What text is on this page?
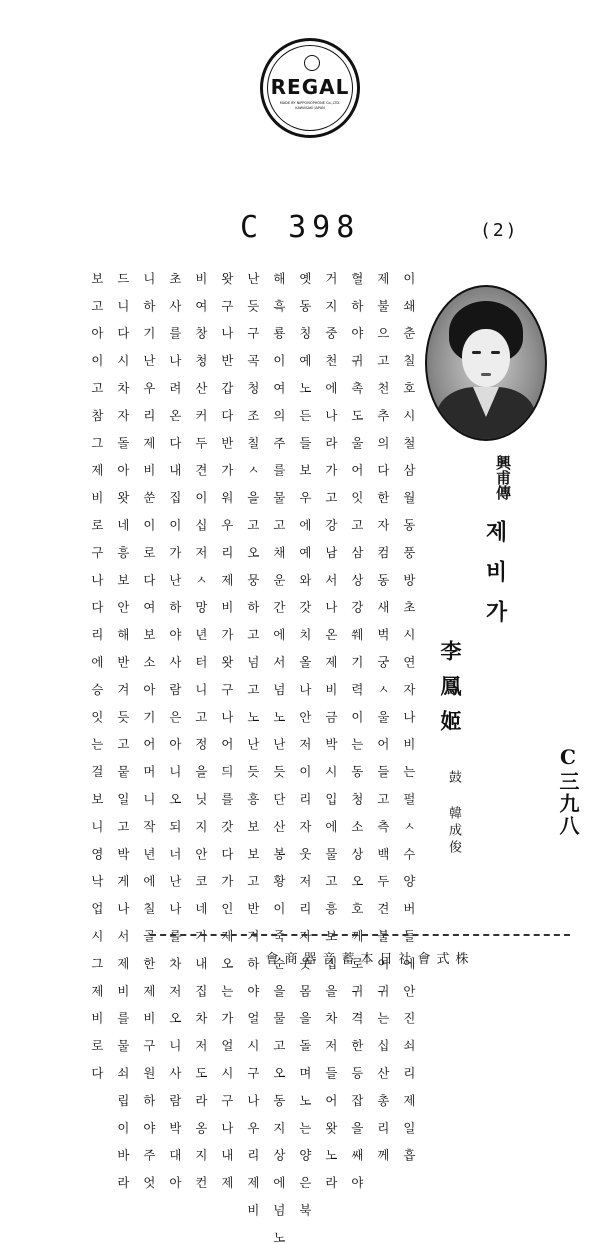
REGAL
MADE BY NIPPONOPHONE Co.,LTD.
KAWASAKI JAPAN
C 398	(2)
興甫傳
제비가
李鳳姬
鼓 韓成俊	C三九八
이 쇄 춘 칠 호 시 철 삼 월 동 풍 방 초 시 연 자 나 비 는 펄 ㅅ 수 양 버 들 에 안 진 쇠 리 제 일 흡
제 불 으 고 천 추 의 다 한 자 컴 동 새 벅 궁 ㅅ 울 어 들 고 측 백 두 견 불 여 귀 는 십 산 총 리 께
혈 하 야 귀 촉 도 울 어 잇 고 삼 상 강 쒜 기 력 이 는 동 청 소 상 오 호 께 로 귀 격 한 등 잡 을 쌔 야
거 지 중 천 에 나 라 가 고 강 남 서 나 온 제 비 금 박 시 입 에 물 고 흥 보 집 을 차 저 들 어 왓 노 라
옛 동 칭 예 노 든 들 보 우 에 예 와 갓 치 올 나 안 저 이 리 자 웃 저 리 자 웃 몸 을 돌 며 노 는 양 은 북
해 흑 룡 이 여 의 주 를 물 고 채 운 간 에 서 넘 노 난 듯 단 산 봉 황 이 죽 순 을 물 고 오 동 지 상 에 넘 노
난 듯 구 곡 청 조 칠 ㅅ 을 고 오 뭉 하 고 넘 고 노 난 듯 흥 보 보 고 반 겨 하 야 얼 시 구 나 우 리 제 비
왓 구 나 반 갑 다 반 가 워 우 리 제 비 가 왓 구 나 어 듸 를 갓 다 가 인 제 오 는 가 얼 시 구 나 내 제
비 여 창 청 산 커 두 견 이 십 저 ㅅ 망 년 터 니 고 정 을 닛 지 안 코 네 가 내 집 차 저 도 라 옹 지 컨
초 사 를 나 려 온 다 내 집 이 가 난 하 야 사 람 은 아 니 오 되 너 난 나 를 차 저 오 니 사 람 박 대 아
니 하 기 난 우 리 제 비 쑨 이 로 다 여 보 소 아 기 어 머 니 작 년 에 칠 골 한 제 비 구 원 하 야 주 엇
드 니 다 시 차 자 돌 아 왓 네 흥 보 안 해 반 겨 듯 고 뭍 일 고 박 게 나 서 제 비 를 물 쇠 립 이 바 라
보 고 아 이 고 참 그 제 비 로 구 나 다 리 에 승 잇 는 걸 보 니 영 낙 업 시 그 제 비 로 다	株式會社日本蓄音器商會
